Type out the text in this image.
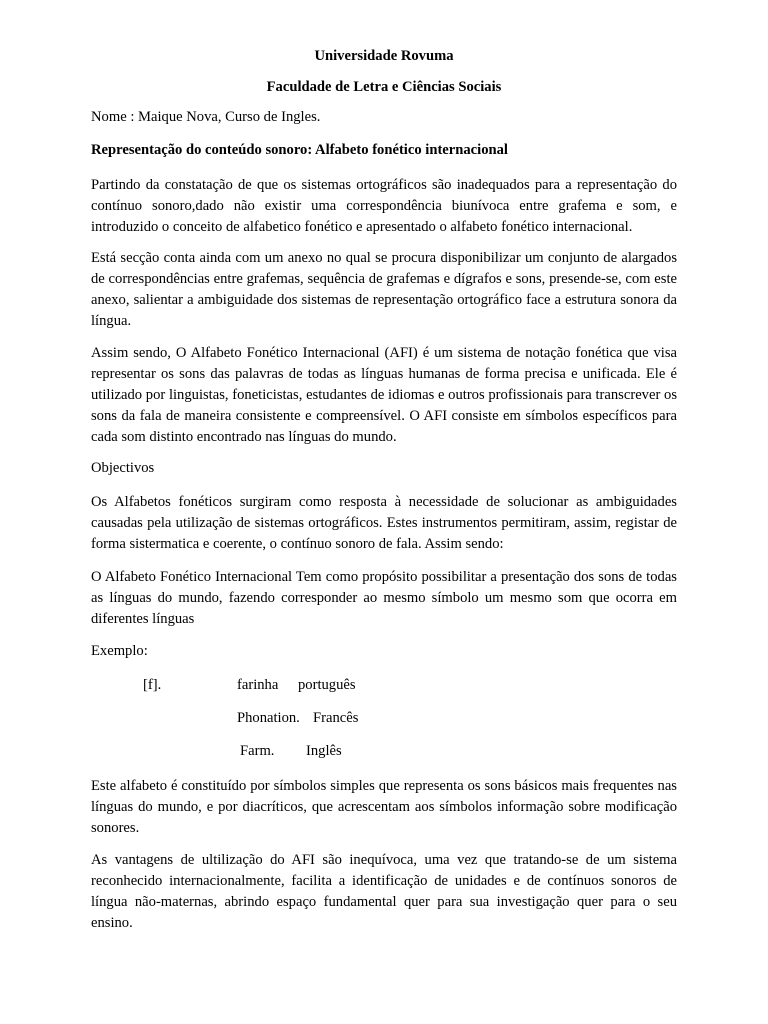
Universidade Rovuma
Faculdade de Letra e Ciências Sociais
Nome : Maique Nova, Curso de Ingles.
Representação do conteúdo sonoro: Alfabeto fonético internacional
Partindo da constatação de que os sistemas ortográficos são inadequados para a representação do contínuo sonoro,dado não existir uma correspondência biunívoca entre grafema e som, e introduzido o conceito de alfabetico fonético e apresentado o alfabeto fonético internacional.
Está secção conta ainda com um anexo no qual se procura disponibilizar um conjunto de alargados de correspondências entre grafemas, sequência de grafemas e dígrafos e sons, presende-se, com este anexo, salientar a ambiguidade dos sistemas de representação ortográfico face a estrutura sonora da língua.
Assim sendo, O Alfabeto Fonético Internacional (AFI) é um sistema de notação fonética que visa representar os sons das palavras de todas as línguas humanas de forma precisa e unificada. Ele é utilizado por linguistas, foneticistas, estudantes de idiomas e outros profissionais para transcrever os sons da fala de maneira consistente e compreensível. O AFI consiste em símbolos específicos para cada som distinto encontrado nas línguas do mundo.
Objectivos
Os Alfabetos fonéticos surgiram como resposta à necessidade de solucionar as ambiguidades causadas pela utilização de sistemas ortográficos. Estes instrumentos permitiram, assim, registar de forma sistermatica e coerente, o contínuo sonoro de fala. Assim sendo:
O Alfabeto Fonético Internacional Tem como propósito possibilitar a presentação dos sons de todas as línguas do mundo, fazendo corresponder ao mesmo símbolo um mesmo som que ocorra em diferentes línguas
Exemplo:
[f].	farinha português
Phonation. Francês
Farm. Inglês
Este alfabeto é constituído por símbolos simples que representa os sons básicos mais frequentes nas línguas do mundo, e por diacríticos, que acrescentam aos símbolos informação sobre modificação sonores.
As vantagens de ultilização do AFI são inequívoca, uma vez que tratando-se de um sistema reconhecido internacionalmente, facilita a identificação de unidades e de contínuos sonoros de língua não-maternas, abrindo espaço fundamental quer para sua investigação quer para o seu ensino.
